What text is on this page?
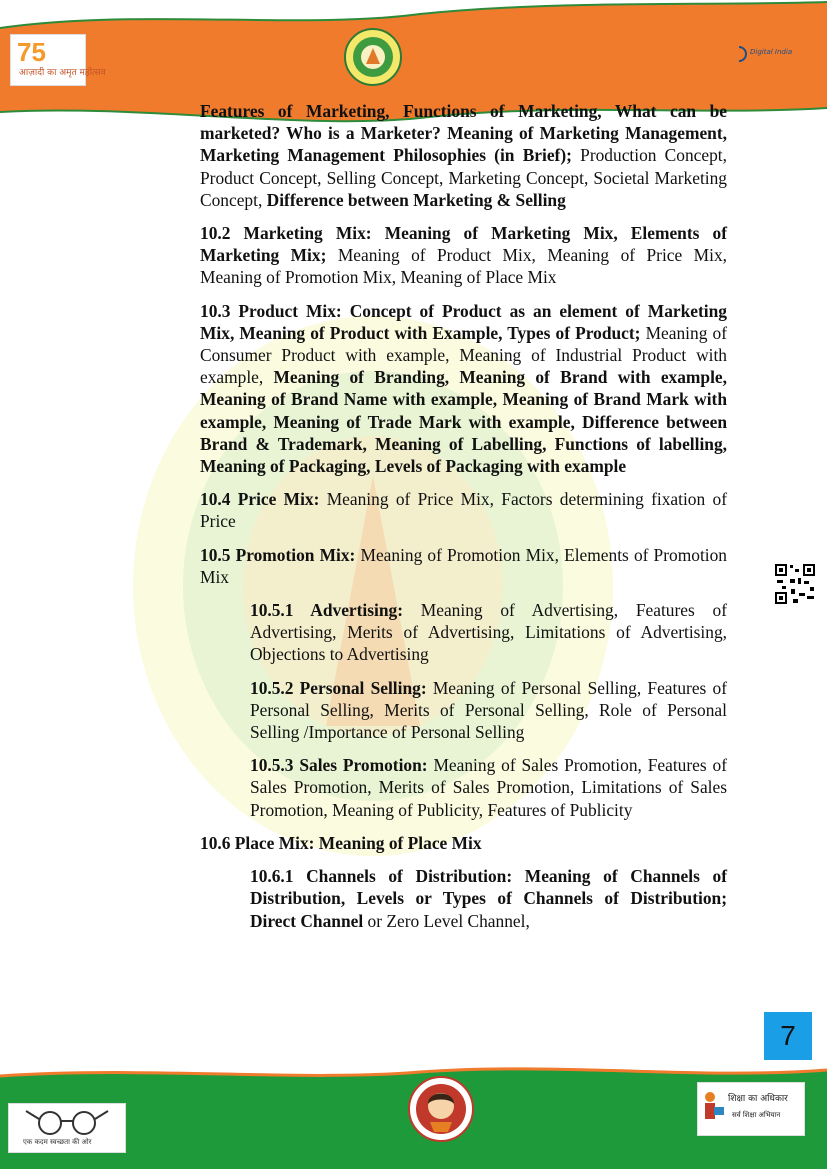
75
आज़ादी का अमृत महोत्सव
Digital India

Features of Marketing, Functions of Marketing, What can be marketed? Who is a Marketer? Meaning of Marketing Management, Marketing Management Philosophies (in Brief); Production Concept, Product Concept, Selling Concept, Marketing Concept, Societal Marketing Concept, Difference between Marketing & Selling

10.2 Marketing Mix: Meaning of Marketing Mix, Elements of Marketing Mix; Meaning of Product Mix, Meaning of Price Mix, Meaning of Promotion Mix, Meaning of Place Mix

10.3 Product Mix: Concept of Product as an element of Marketing Mix, Meaning of Product with Example, Types of Product; Meaning of Consumer Product with example, Meaning of Industrial Product with example, Meaning of Branding, Meaning of Brand with example, Meaning of Brand Name with example, Meaning of Brand Mark with example, Meaning of Trade Mark with example, Difference between Brand & Trademark, Meaning of Labelling, Functions of labelling, Meaning of Packaging, Levels of Packaging with example

10.4 Price Mix: Meaning of Price Mix, Factors determining fixation of Price

10.5 Promotion Mix: Meaning of Promotion Mix, Elements of Promotion Mix

10.5.1 Advertising: Meaning of Advertising, Features of Advertising, Merits of Advertising, Limitations of Advertising, Objections to Advertising

10.5.2 Personal Selling: Meaning of Personal Selling, Features of Personal Selling, Merits of Personal Selling, Role of Personal Selling /Importance of Personal Selling

10.5.3 Sales Promotion: Meaning of Sales Promotion, Features of Sales Promotion, Merits of Sales Promotion, Limitations of Sales Promotion, Meaning of Publicity, Features of Publicity

10.6 Place Mix: Meaning of Place Mix

10.6.1 Channels of Distribution: Meaning of Channels of Distribution, Levels or Types of Channels of Distribution; Direct Channel or Zero Level Channel,

7
एक कदम स्वच्छता की ओर
शिक्षा का अधिकार
सर्व शिक्षा अभियान
